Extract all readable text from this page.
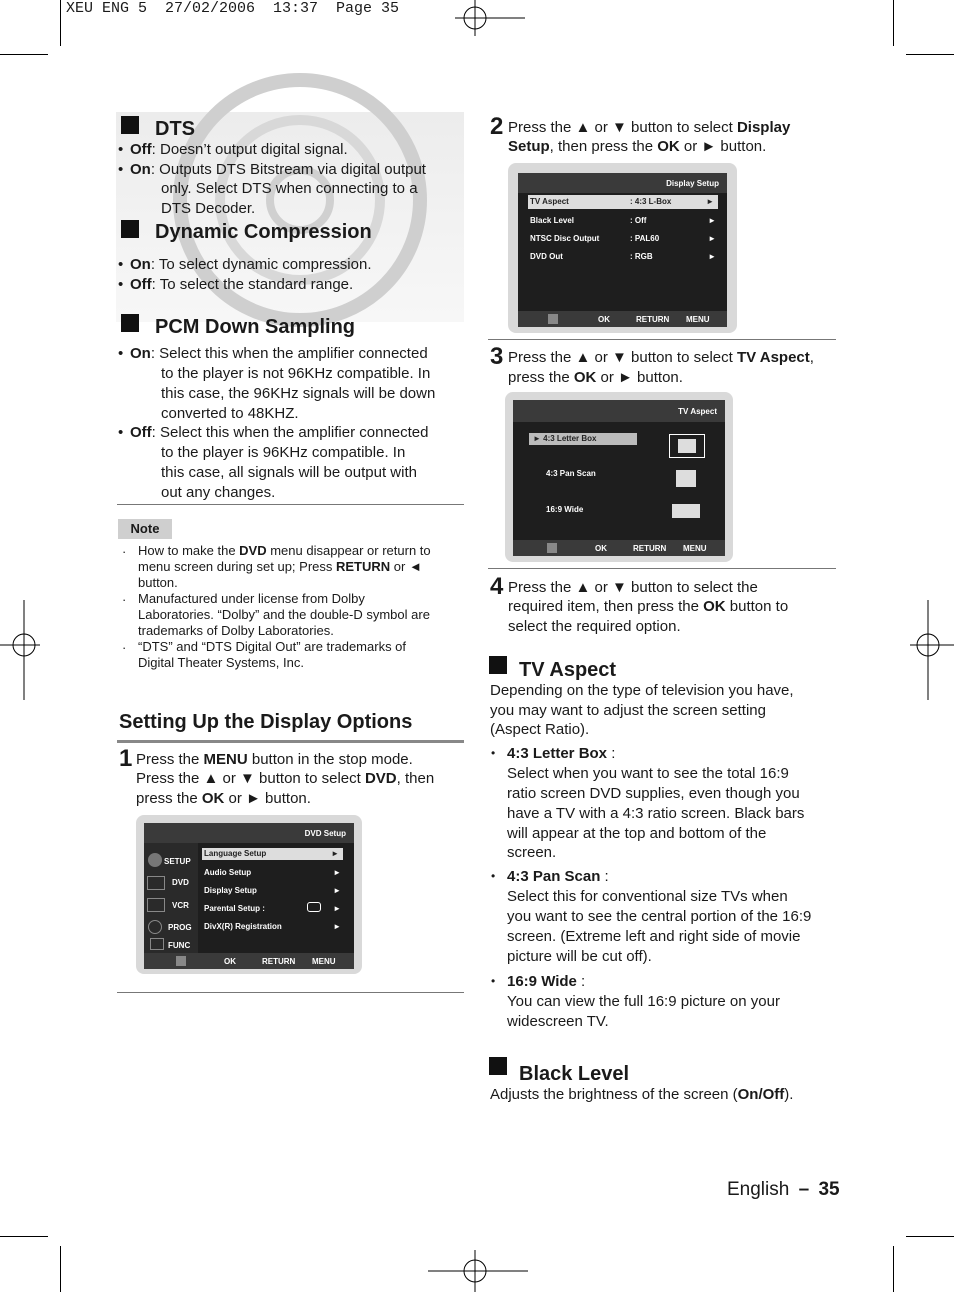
XEU ENG 5  27/02/2006  13:37  Page 35
DTS
• Off: Doesn’t output digital signal.
• On: Outputs DTS Bitstream via digital output
only. Select DTS when connecting to a
DTS Decoder.
Dynamic Compression
• On: To select dynamic compression.
• Off: To select the standard range.
PCM Down Sampling
• On: Select this when the amplifier connected
to the player is not 96KHz compatible. In
this case, the 96KHz signals will be down
converted to 48KHZ.
• Off: Select this when the amplifier connected
to the player is 96KHz compatible. In
this case, all signals will be output with
out any changes.
Note
· How to make the DVD menu disappear or return to
menu screen during set up; Press RETURN or ◄
button.
· Manufactured under license from Dolby
Laboratories. “Dolby” and the double-D symbol are
trademarks of Dolby Laboratories.
· “DTS” and “DTS Digital Out” are trademarks of
Digital Theater Systems, Inc.
Setting Up the Display Options
1 Press the MENU button in the stop mode.
Press the ▲ or ▼ button to select DVD, then
press the OK or ► button.
DVD Setup
SETUP
DVD
VCR
PROG
FUNC
Language Setup	►
Audio Setup	►
Display Setup	►
Parental Setup :	►
DivX(R) Registration	►
OK	RETURN MENU
2 Press the ▲ or ▼ button to select Display
Setup, then press the OK or ► button.
Display Setup
TV Aspect	: 4:3 L-Box	►
Black Level	: Off	►
NTSC Disc Output	: PAL60	►
DVD Out	: RGB	►
OK	RETURN MENU
3 Press the ▲ or ▼ button to select TV Aspect,
press the OK or ► button.
TV Aspect
► 4:3 Letter Box
4:3 Pan Scan
16:9 Wide
OK	RETURN MENU
4 Press the ▲ or ▼ button to select the
required item, then press the OK button to
select the required option.
TV Aspect
Depending on the type of television you have,
you may want to adjust the screen setting
(Aspect Ratio).
• 4:3 Letter Box :
Select when you want to see the total 16:9
ratio screen DVD supplies, even though you
have a TV with a 4:3 ratio screen. Black bars
will appear at the top and bottom of the
screen.
• 4:3 Pan Scan :
Select this for conventional size TVs when
you want to see the central portion of the 16:9
screen. (Extreme left and right side of movie
picture will be cut off).
• 16:9 Wide :
You can view the full 16:9 picture on your
widescreen TV.
Black Level
Adjusts the brightness of the screen (On/Off).
English – 35
